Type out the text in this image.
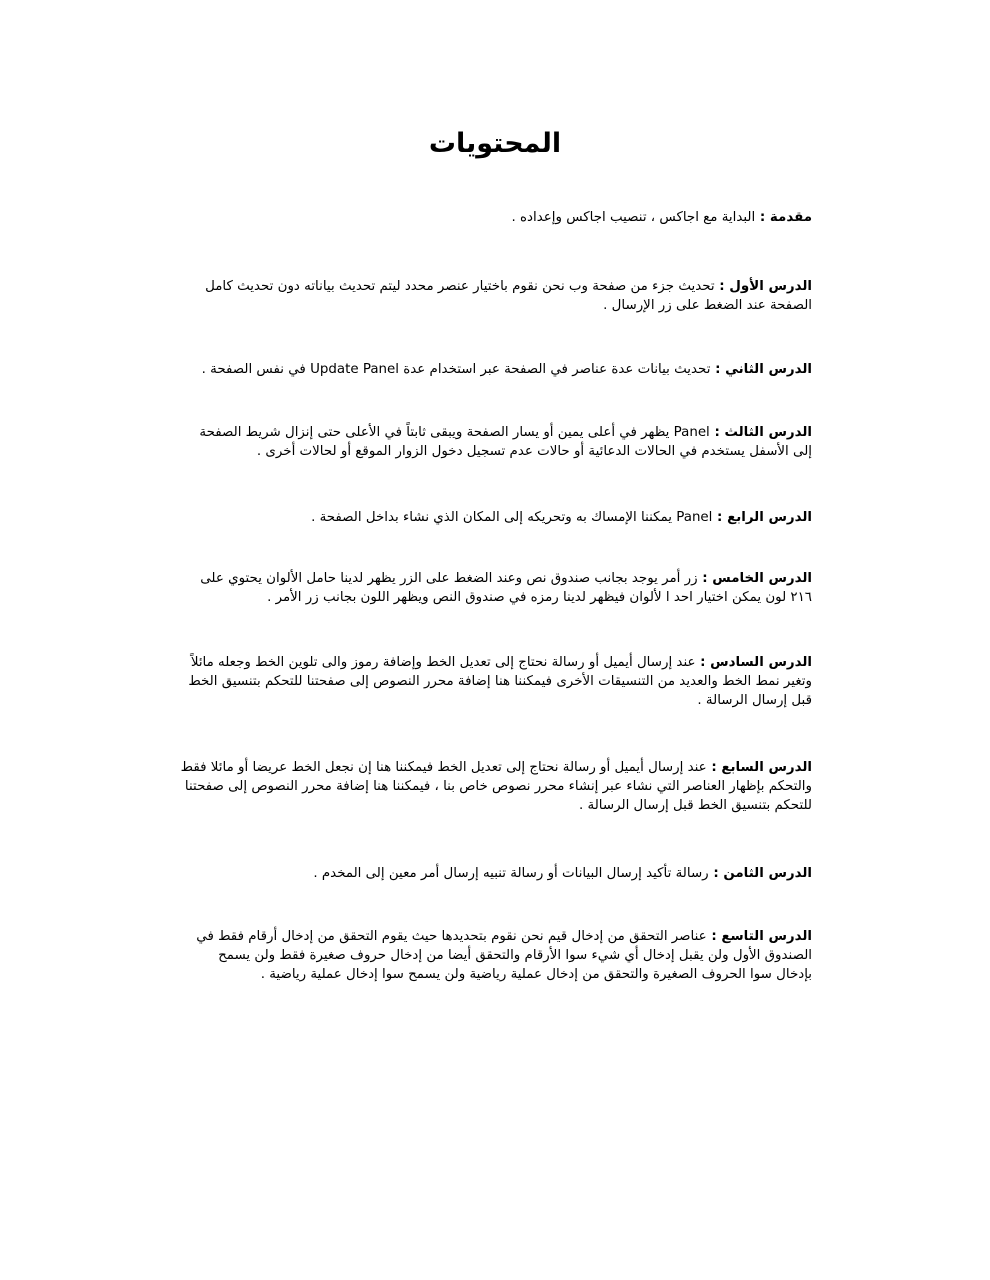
المحتويات

مقدمة : البداية مع اجاكس ، تنصيب اجاكس وإعداده .

الدرس الأول : تحديث جزء من صفحة وب نحن نقوم باختيار عنصر محدد ليتم تحديث بياناته دون تحديث كامل الصفحة عند الضغط على زر الإرسال .

الدرس الثاني : تحديث بيانات عدة عناصر في الصفحة عبر استخدام عدة Update Panel في نفس الصفحة .

الدرس الثالث : Panel يظهر في أعلى يمين أو يسار الصفحة ويبقى ثابتاً في الأعلى حتى إنزال شريط الصفحة إلى الأسفل يستخدم في الحالات الدعائية أو حالات عدم تسجيل دخول الزوار الموقع أو لحالات أخرى .

الدرس الرابع : Panel يمكننا الإمساك به وتحريكه إلى المكان الذي نشاء بداخل الصفحة .

الدرس الخامس : زر أمر يوجد بجانب صندوق نص وعند الضغط على الزر يظهر لدينا حامل الألوان يحتوي على ٢١٦ لون يمكن اختيار احد ا لألوان فيظهر لدينا رمزه في صندوق النص ويظهر اللون بجانب زر الأمر .

الدرس السادس : عند إرسال أيميل أو رسالة نحتاج إلى تعديل الخط وإضافة رموز والى تلوين الخط وجعله مائلاً وتغير نمط الخط والعديد من التنسيقات الأخرى فيمكننا هنا إضافة محرر النصوص إلى صفحتنا للتحكم بتنسيق الخط قبل إرسال الرسالة .

الدرس السابع : عند إرسال أيميل أو رسالة نحتاج إلى تعديل الخط فيمكننا هنا إن نجعل الخط عريضا أو مائلا فقط والتحكم بإظهار العناصر التي نشاء عبر إنشاء محرر نصوص خاص بنا ، فيمكننا هنا إضافة محرر النصوص إلى صفحتنا للتحكم بتنسيق الخط قبل إرسال الرسالة .

الدرس الثامن : رسالة تأكيد إرسال البيانات أو رسالة تنبيه إرسال أمر معين إلى المخدم .

الدرس التاسع : عناصر التحقق من إدخال قيم نحن نقوم بتحديدها حيث يقوم التحقق من إدخال أرقام فقط في الصندوق الأول ولن يقبل إدخال أي شيء سوا الأرقام والتحقق أيضا من إدخال حروف صغيرة فقط ولن يسمح بإدخال سوا الحروف الصغيرة والتحقق من إدخال عملية رياضية ولن يسمح سوا إدخال عملية رياضية .
